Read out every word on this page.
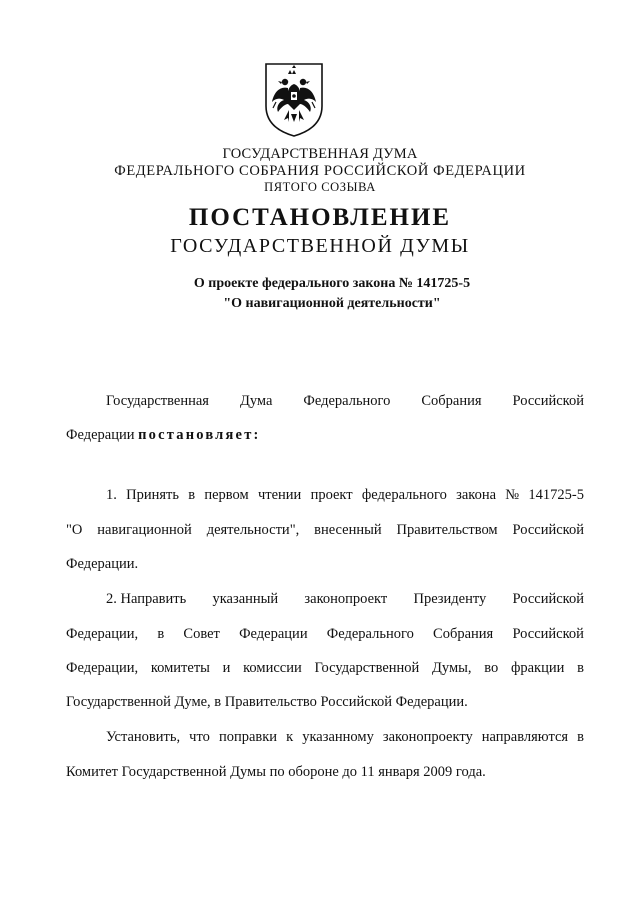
ГОСУДАРСТВЕННАЯ ДУМА
ФЕДЕРАЛЬНОГО СОБРАНИЯ РОССИЙСКОЙ ФЕДЕРАЦИИ
ПЯТОГО СОЗЫВА
ПОСТАНОВЛЕНИЕ
ГОСУДАРСТВЕННОЙ ДУМЫ
О проекте федерального закона № 141725-5
"О навигационной деятельности"
Государственная Дума Федерального Собрания Российской
Федерации постановляет:
1. Принять в первом чтении проект федерального закона № 141725-5
"О навигационной деятельности", внесенный Правительством Российской
Федерации.
2. Направить указанный законопроект Президенту Российской
Федерации, в Совет Федерации Федерального Собрания Российской
Федерации, комитеты и комиссии Государственной Думы, во фракции в
Государственной Думе, в Правительство Российской Федерации.
Установить, что поправки к указанному законопроекту направляются в
Комитет Государственной Думы по обороне до 11 января 2009 года.
